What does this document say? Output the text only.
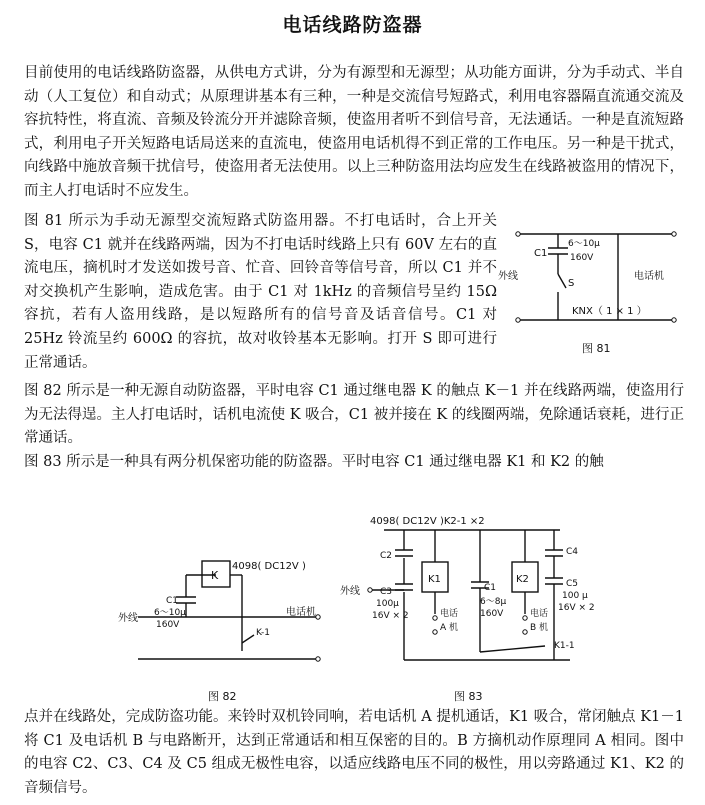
电话线路防盗器

目前使用的电话线路防盗器，从供电方式讲，分为有源型和无源型；从功能方面讲，分为手动式、半自动（人工复位）和自动式；从原理讲基本有三种，一种是交流信号短路式，利用电容器隔直流通交流及容抗特性，将直流、音频及铃流分开并滤除音频，使盗用者听不到信号音，无法通话。一种是直流短路式，利用电子开关短路电话局送来的直流电，使盗用电话机得不到正常的工作电压。另一种是干扰式，向线路中施放音频干扰信号，使盗用者无法使用。以上三种防盗用法均应发生在线路被盗用的情况下，而主人打电话时不应发生。

图 81 所示为手动无源型交流短路式防盗用器。不打电话时，合上开关 S，电容 C1 就并在线路两端，因为不打电话时线路上只有 60V 左右的直流电压，摘机时才发送如拨号音、忙音、回铃音等信号音，所以 C1 并不对交换机产生影响，造成危害。由于 C1 对 1kHz 的音频信号呈约 15Ω 容抗，若有人盗用线路，是以短路所有的信号音及话音信号。C1 对 25Hz 铃流呈约 600Ω 的容抗，故对收铃基本无影响。打开 S 即可进行正常通话。

图 82 所示是一种无源自动防盗器，平时电容 C1 通过继电器 K 的触点 K－1 并在线路两端，使盗用行为无法得逞。主人打电话时，话机电流使 K 吸合，C1 被并接在 K 的线圈两端，免除通话衰耗，进行正常通话。

图 83 所示是一种具有两分机保密功能的防盗器。平时电容 C1 通过继电器 K1 和 K2 的触

点并在线路处，完成防盗功能。来铃时双机铃同响，若电话机 A 提机通话，K1 吸合，常闭触点 K1－1 将 C1 及电话机 B 与电路断开，达到正常通话和相互保密的目的。B 方摘机动作原理同 A 相同。图中的电容 C2、C3、C4 及 C5 组成无极性电容，以适应线路电压不同的极性，用以旁路通过 K1、K2 的音频信号。

C1
6～10μ
160V
S
外线	电话机
KNX（ 1 × 1 ）
图 81
K
4098( DC12V )
C1
6～10μ
160V
K-1
外线
电话机
图 82
4098( DC12V )K2-1 ×2
K1	K2
C2
C3
100μ
16V × 2
C1
6～8μ
160V
C4
C5
100 μ
16V × 2
电话
A 机
电话
B 机
K1-1
外线
图 83
